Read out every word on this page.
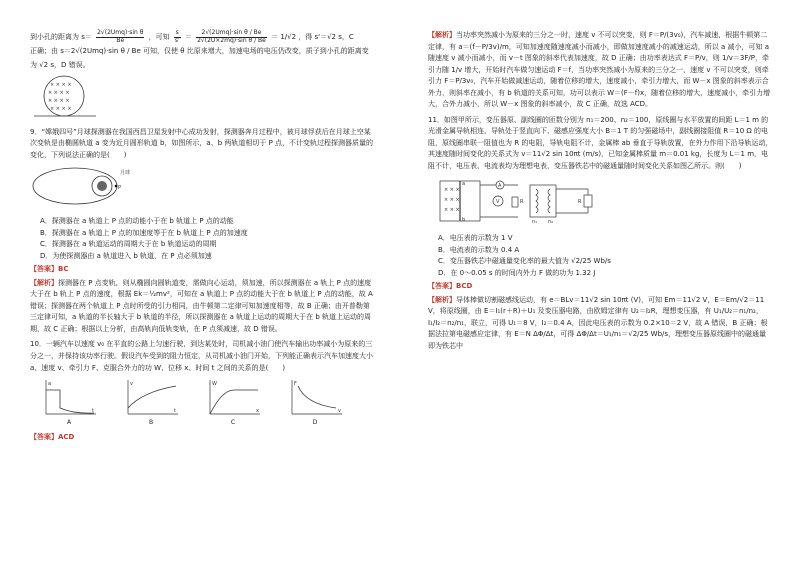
到小孔的距离为 $s= \frac{\text{2√(2Umq)·sin θ}}{Be}$ ，可知 $\frac{s}{s'} = \frac{\text{2√(2Umq)·sin θ / Be}}{\text{2√(2U×2mq)·sin θ / Be}} = 1/√2$ ，得 s'＝√2 s，C

正确；由 s＝2√(2Umq)·sin θ / Be 可知，仅使 θ 比原来增大，加速电场的电压仍改变，质子到小孔的距离变

为 √2 s，D 错误。

× × × ×
× × × ×
× × × ×
× × × ×

9．“嫦娥四号”月球探测器在我国西昌卫星发射中心成功发射，探测器奔月过程中，被月球俘获后在月球上空某次变轨是由椭圆轨道 a 变为近月圆形轨道 b，如图所示，a、b 两轨道相切于 P 点，不计变轨过程探测器质量的变化，下列说法正确的是(　　)

P
月球

A．探测器在 a 轨道上 P 点的动能小于在 b 轨道上 P 点的动能

B．探测器在 a 轨道上 P 点的加速度等于在 b 轨道上 P 点的加速度

C．探测器在 a 轨道运动的周期大于在 b 轨道运动的周期

D．为使探测器由 a 轨道进入 b 轨道，在 P 点必须加速

【答案】BC

【解析】探测器在 P 点变轨，则从椭圆向圆轨道变，需做向心运动，须加速，所以探测器在 a 轨上 P 点的速度大于在 b 轨上 P 点的速度，根据 Ek＝½mv²，可知在 a 轨道上 P 点的动能大于在 b 轨道上 P 点的动能，故 A 错误；探测器在两个轨道上 P 点时所受的引力相同，由牛顿第二定律可知加速度相等，故 B 正确；由开普勒第三定律可知，a 轨道的半长轴大于 b 轨道的半径，所以探测器在 a 轨道上运动的周期大于在 b 轨道上运动的周期，故 C 正确；根据以上分析，由高轨向低轨变轨，在 P 点须减速，故 D 错误。

10．一辆汽车以速度 v₀ 在平直的公路上匀速行驶，到达某处时，司机减小油门使汽车输出功率减小为原来的三分之一，并保持该功率行驶。假设汽车受到的阻力恒定，从司机减小油门开始，下列能正确表示汽车加速度大小 a、速度 v、牵引力 F、克服合外力的功 W、位移 x、时间 t 之间的关系的是(　　)

a
t
A
v
t
B
W
x
C
F
v
D

【答案】ACD

【解析】当功率突然减小为原来的三分之一时，速度 v 不可以突变，则 F＝P/(3v₀)，汽车减速，根据牛顿第二定律，有 a＝(f－P/3v)/m，可知加速度随速度减小而减小，即做加速度减小的减速运动，所以 a 减小，可知 a 随速度 v 减小而减小，而 v－t 图象的斜率代表加速度，故 D 正确；由功率表达式 F＝P/v，则 1/v＝3F/P，牵引力随 1/v 增大，开始时汽车做匀速运动 F＝f，当功率突然减小为原来的三分之一，速度 v 不可以突变，则牵引力 F＝P/3v₀，汽车开始做减速运动，随着位移的增大，速度减小，牵引力增大，而 W－x 图象的斜率表示合外力，则斜率在减小，有 b 轨道的关系可知，功可以表示 W＝(F－f)x，随着位移的增大，速度减小，牵引力增大，合外力减小，所以 W－x 图象的斜率减小，故 C 正确，故选 ACD。

11．如图甲所示，变压器原、副线圈的匝数分别为 n₁＝200、n₂＝100，原线圈与水平放置的间距 L＝1 m 的光滑金属导轨相连，导轨处于竖直向下、磁感应强度大小 B＝1 T 的匀强磁场中，副线圈接阻值 R＝10 Ω 的电阻，原线圈串联一阻值也为 R 的电阻，导轨电阻不计，金属棒 ab 垂直于导轨放置，在外力作用下沿导轨运动，其速度随时间变化的关系式为 v＝11√2 sin 10πt (m/s)，已知金属棒质量 m＝0.01 kg，长度为 L＝1 m，电阻不计，电压表、电流表均为理想电表，变压器铁芯中的磁通量随时间变化关系如图乙所示。则(　　)

× × ×
× × ×
× × ×
a
b
V
A
R
n₁ n₂
R

A．电压表的示数为 1 V

B．电流表的示数为 0.4 A

C．变压器铁芯中磁通量变化率的最大值为 √2/25 Wb/s

D．在 0～0.05 s 的时间内外力 F 做的功为 1.32 J

【答案】BCD

【解析】导体棒做切割磁感线运动，有 e＝BLv＝11√2 sin 10πt (V)，可知 Em＝11√2 V，E＝Em/√2＝11 V，将原线圈，由 E＝I₁(r＋R)＋U₁ 及变压器电路，由欧姆定律有 U₂＝I₂R，理想变压器，有 U₁/U₂＝n₁/n₂，I₁/I₂＝n₂/n₁，联立，可得 U₁＝8 V，I₂＝0.4 A，因此电压表的示数为 0.2×10＝2 V，故 A 错误，B 正确；根据法拉第电磁感应定律，有 E＝N ΔΦ/Δt，可得 ΔΦ/Δt＝U₁/n₁＝√2/25 Wb/s，理想变压器原线圈中的磁通量即为铁芯中
